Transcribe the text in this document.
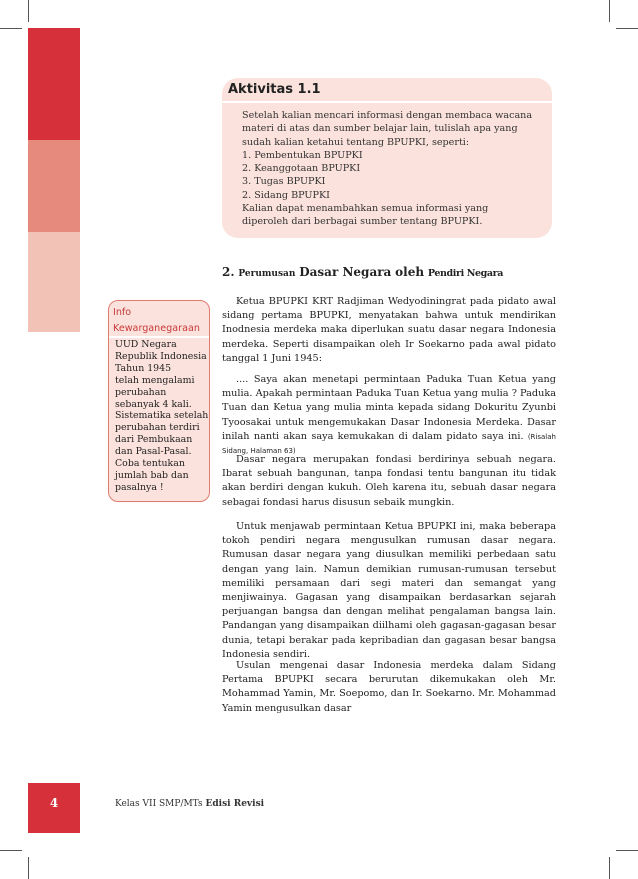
4
Aktivitas 1.1
Setelah kalian mencari informasi dengan membaca wacana
materi di atas dan sumber belajar lain, tulislah apa yang
sudah kalian ketahui tentang BPUPKI, seperti:
1. Pembentukan BPUPKI
2. Keanggotaan BPUPKI
3. Tugas BPUPKI
2. Sidang BPUPKI
Kalian dapat menambahkan semua informasi yang
diperoleh dari berbagai sumber tentang BPUPKI.
2. Perumusan Dasar Negara oleh Pendiri Negara
Info
Kewarganegaraan
UUD Negara
Republik Indonesia
Tahun 1945
telah mengalami
perubahan
sebanyak 4 kali.
Sistematika setelah
perubahan terdiri
dari Pembukaan
dan Pasal-Pasal.
Coba tentukan
jumlah bab dan
pasalnya !

Ketua BPUPKI KRT Radjiman Wedyodiningrat pada pidato awal sidang pertama BPUPKI, menyatakan bahwa untuk mendirikan Inodnesia merdeka maka diperlukan suatu dasar negara Indonesia merdeka. Seperti disampaikan oleh Ir Soekarno pada awal pidato tanggal 1 Juni 1945:

.... Saya akan menetapi permintaan Paduka Tuan Ketua yang mulia. Apakah permintaan Paduka Tuan Ketua yang mulia ? Paduka Tuan dan Ketua yang mulia minta kepada sidang Dokuritu Zyunbi Tyoosakai untuk mengemukakan Dasar Indonesia Merdeka. Dasar inilah nanti akan saya kemukakan di dalam pidato saya ini. (Risalah Sidang, Halaman 63)

Dasar negara merupakan fondasi berdirinya sebuah negara. Ibarat sebuah bangunan, tanpa fondasi tentu bangunan itu tidak akan berdiri dengan kukuh. Oleh karena itu, sebuah dasar negara sebagai fondasi harus disusun sebaik mungkin.

Untuk menjawab permintaan Ketua BPUPKI ini, maka beberapa tokoh pendiri negara mengusulkan rumusan dasar negara. Rumusan dasar negara yang diusulkan memiliki perbedaan satu dengan yang lain. Namun demikian rumusan-rumusan tersebut memiliki persamaan dari segi materi dan semangat yang menjiwainya. Gagasan yang disampaikan berdasarkan sejarah perjuangan bangsa dan dengan melihat pengalaman bangsa lain. Pandangan yang disampaikan diilhami oleh gagasan-gagasan besar dunia, tetapi berakar pada kepribadian dan gagasan besar bangsa Indonesia sendiri.

Usulan mengenai dasar Indonesia merdeka dalam Sidang Pertama BPUPKI secara berurutan dikemukakan oleh Mr. Mohammad Yamin, Mr. Soepomo, dan Ir. Soekarno. Mr. Mohammad Yamin mengusulkan dasar

Kelas VII SMP/MTs Edisi Revisi
